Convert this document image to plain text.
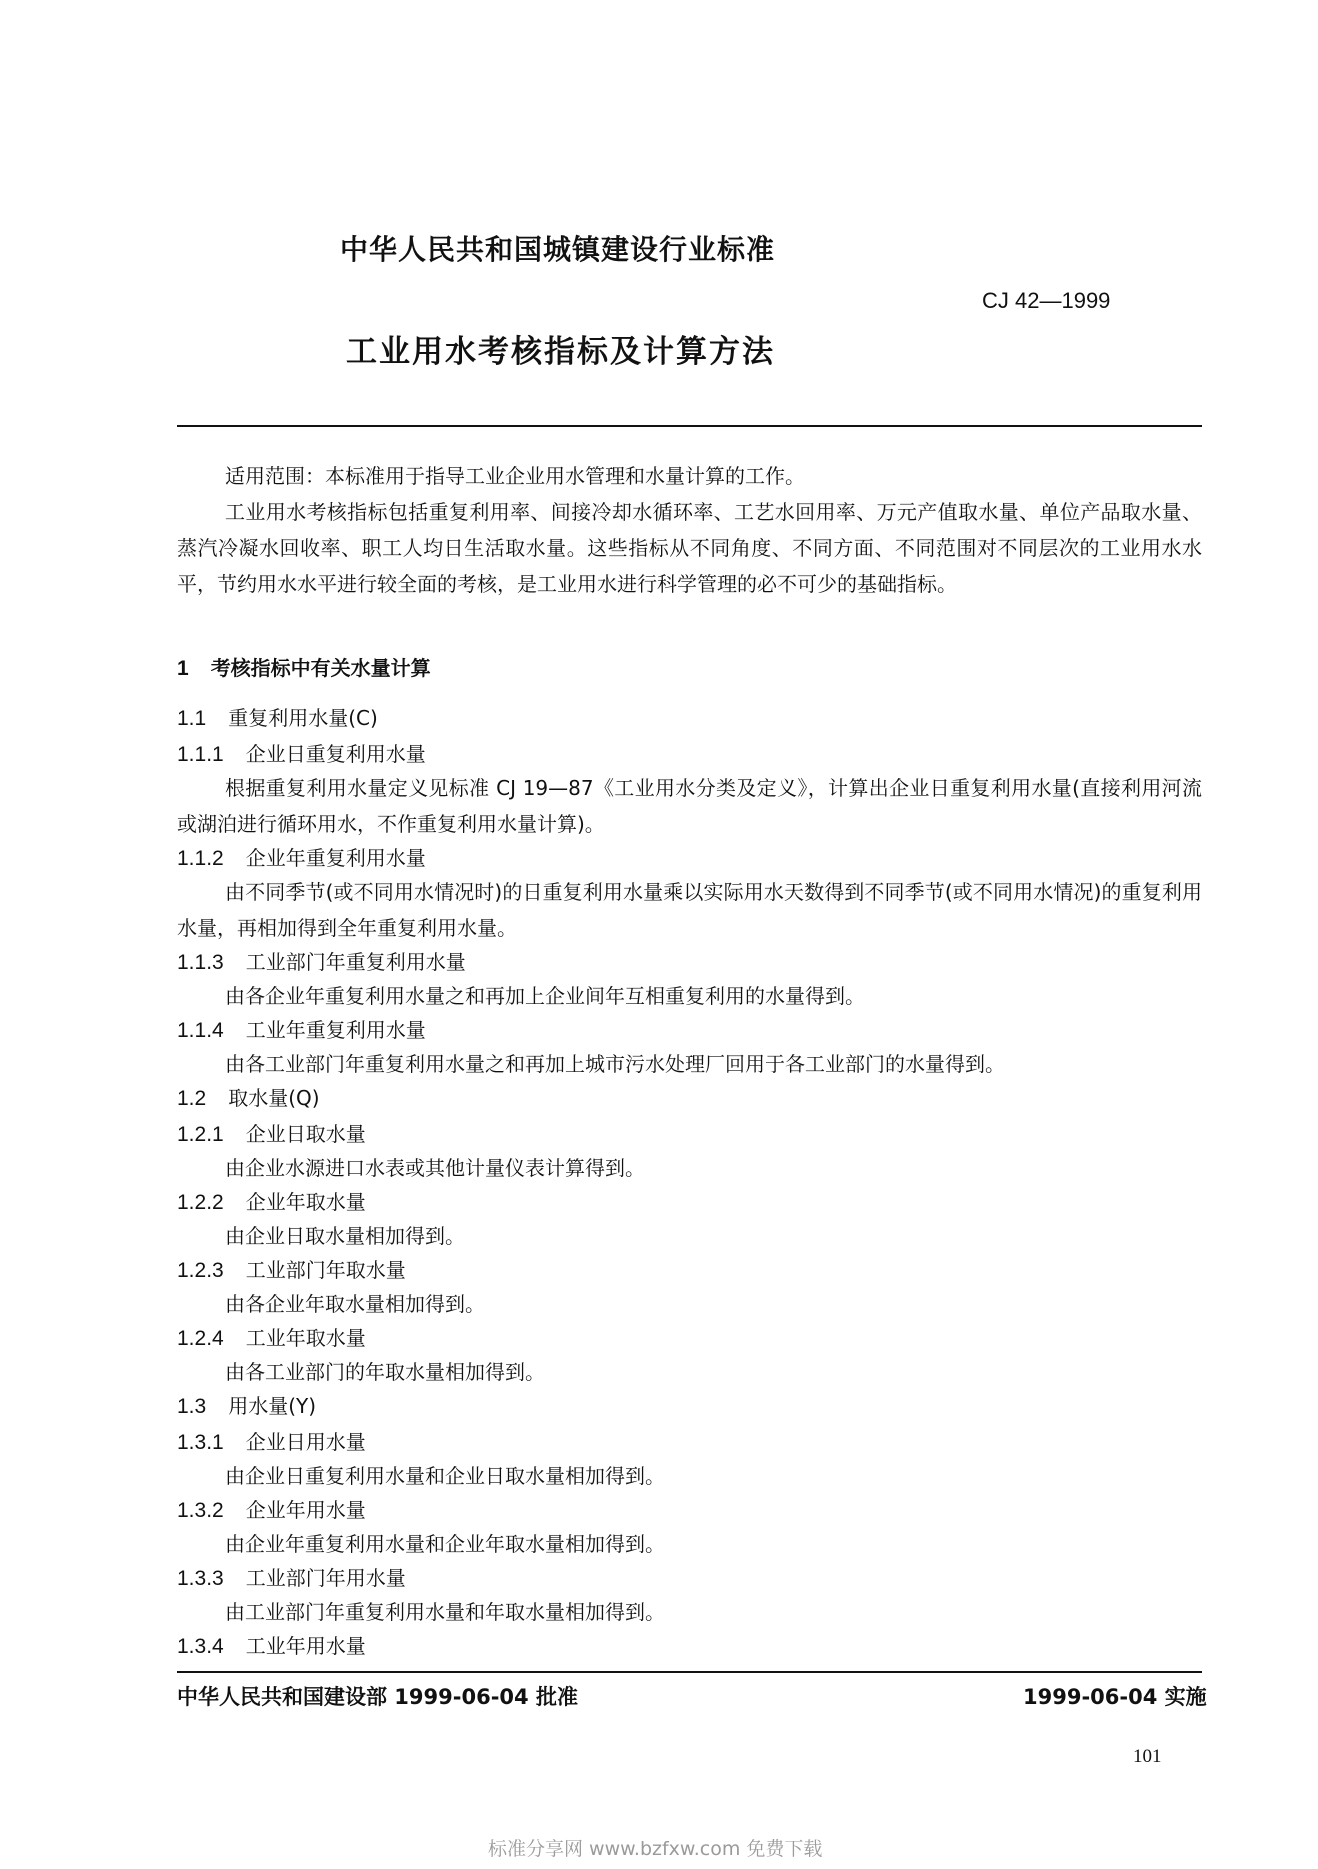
中华人民共和国城镇建设行业标准
CJ 42—1999
工业用水考核指标及计算方法
适用范围：本标准用于指导工业企业用水管理和水量计算的工作。
工业用水考核指标包括重复利用率、间接冷却水循环率、工艺水回用率、万元产值取水量、单位产品取水量、蒸汽冷凝水回收率、职工人均日生活取水量。这些指标从不同角度、不同方面、不同范围对不同层次的工业用水水平，节约用水水平进行较全面的考核，是工业用水进行科学管理的必不可少的基础指标。
1 考核指标中有关水量计算
1.1 重复利用水量(C)
1.1.1 企业日重复利用水量
根据重复利用水量定义见标准 CJ 19—87《工业用水分类及定义》，计算出企业日重复利用水量(直接利用河流或湖泊进行循环用水，不作重复利用水量计算)。
1.1.2 企业年重复利用水量
由不同季节(或不同用水情况时)的日重复利用水量乘以实际用水天数得到不同季节(或不同用水情况)的重复利用水量，再相加得到全年重复利用水量。
1.1.3 工业部门年重复利用水量
由各企业年重复利用水量之和再加上企业间年互相重复利用的水量得到。
1.1.4 工业年重复利用水量
由各工业部门年重复利用水量之和再加上城市污水处理厂回用于各工业部门的水量得到。
1.2 取水量(Q)
1.2.1 企业日取水量
由企业水源进口水表或其他计量仪表计算得到。
1.2.2 企业年取水量
由企业日取水量相加得到。
1.2.3 工业部门年取水量
由各企业年取水量相加得到。
1.2.4 工业年取水量
由各工业部门的年取水量相加得到。
1.3 用水量(Y)
1.3.1 企业日用水量
由企业日重复利用水量和企业日取水量相加得到。
1.3.2 企业年用水量
由企业年重复利用水量和企业年取水量相加得到。
1.3.3 工业部门年用水量
由工业部门年重复利用水量和年取水量相加得到。
1.3.4 工业年用水量
中华人民共和国建设部 1999-06-04 批准	1999-06-04 实施
101
标准分享网 www.bzfxw.com 免费下载
